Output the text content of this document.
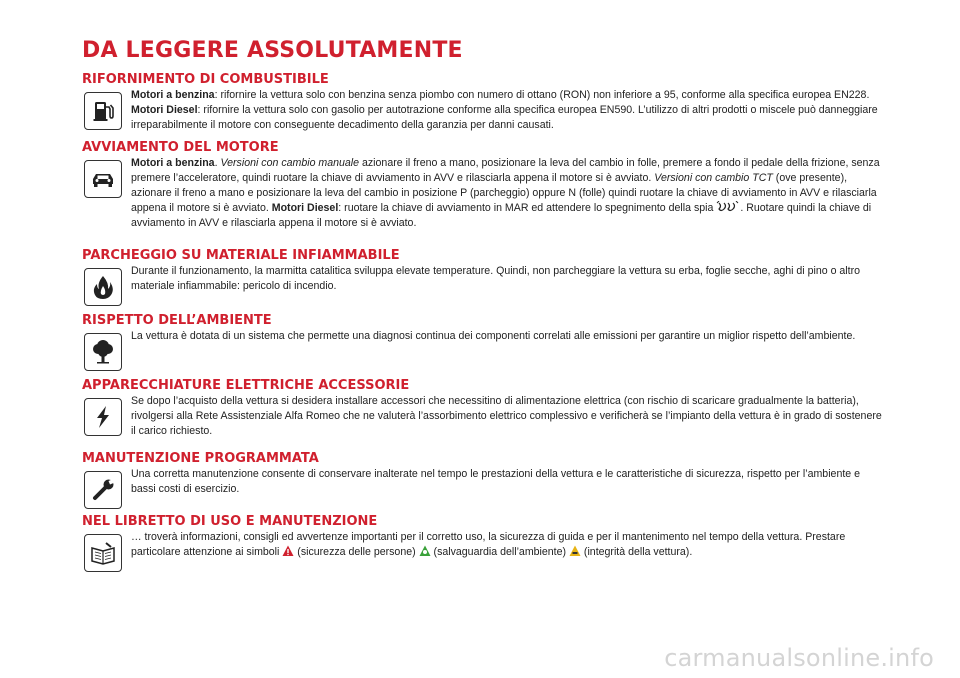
DA LEGGERE ASSOLUTAMENTE
RIFORNIMENTO DI COMBUSTIBILE

Motori a benzina: rifornire la vettura solo con benzina senza piombo con numero di ottano (RON) non inferiore a 95, conforme alla specifica europea EN228. Motori Diesel: rifornire la vettura solo con gasolio per autotrazione conforme alla specifica europea EN590. L’utilizzo di altri prodotti o miscele può danneggiare irreparabilmente il motore con conseguente decadimento della garanzia per danni causati.

AVVIAMENTO DEL MOTORE

Motori a benzina. Versioni con cambio manuale azionare il freno a mano, posizionare la leva del cambio in folle, premere a fondo il pedale della frizione, senza premere l’acceleratore, quindi ruotare la chiave di avviamento in AVV e rilasciarla appena il motore si è avviato. Versioni con cambio TCT (ove presente), azionare il freno a mano e posizionare la leva del cambio in posizione P (parcheggio) oppure N (folle) quindi ruotare la chiave di avviamento in AVV e rilasciarla appena il motore si è avviato. Motori Diesel: ruotare la chiave di avviamento in MAR ed attendere lo spegnimento della spia . Ruotare quindi la chiave di avviamento in AVV e rilasciarla appena il motore si è avviato.

PARCHEGGIO SU MATERIALE INFIAMMABILE

Durante il funzionamento, la marmitta catalitica sviluppa elevate temperature. Quindi, non parcheggiare la vettura su erba, foglie secche, aghi di pino o altro materiale infiammabile: pericolo di incendio.

RISPETTO DELL’AMBIENTE

La vettura è dotata di un sistema che permette una diagnosi continua dei componenti correlati alle emissioni per garantire un miglior rispetto dell’ambiente.

APPARECCHIATURE ELETTRICHE ACCESSORIE

Se dopo l’acquisto della vettura si desidera installare accessori che necessitino di alimentazione elettrica (con rischio di scaricare gradualmente la batteria), rivolgersi alla Rete Assistenziale Alfa Romeo che ne valuterà l’assorbimento elettrico complessivo e verificherà se l’impianto della vettura è in grado di sostenere il carico richiesto.

MANUTENZIONE PROGRAMMATA

Una corretta manutenzione consente di conservare inalterate nel tempo le prestazioni della vettura e le caratteristiche di sicurezza, rispetto per l’ambiente e bassi costi di esercizio.

NEL LIBRETTO DI USO E MANUTENZIONE

… troverà informazioni, consigli ed avvertenze importanti per il corretto uso, la sicurezza di guida e per il mantenimento nel tempo della vettura. Prestare particolare attenzione ai simboli  (sicurezza delle persone)  (salvaguardia dell’ambiente)  (integrità della vettura).

carmanualsonline.info
